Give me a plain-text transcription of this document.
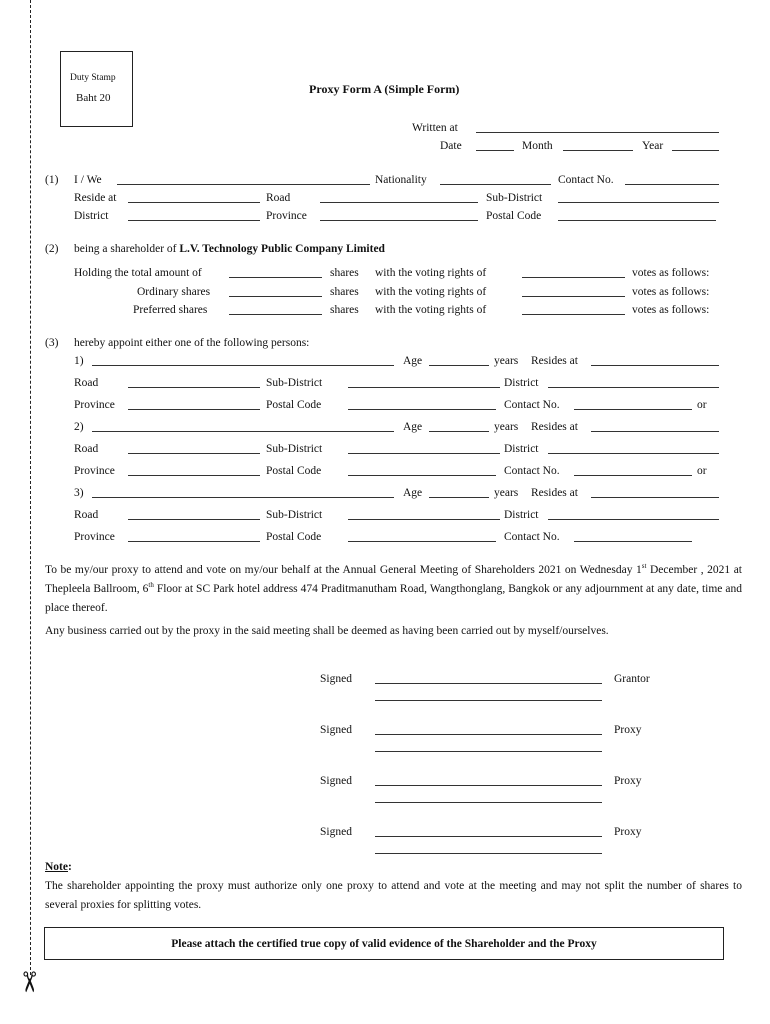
✂
Duty Stamp
Baht 20
Proxy Form A (Simple Form)
Written at
Date	Month	Year
(1) I / We	Nationality	Contact No.
Reside at	Road	Sub-District
District	Province	Postal Code
(2) being a shareholder of L.V. Technology Public Company Limited
Holding the total amount of	shares with the voting rights of	votes as follows:
Ordinary shares	shares with the voting rights of	votes as follows:
Preferred shares	shares with the voting rights of	votes as follows:
(3) hereby appoint either one of the following persons:
1)	Age	years Resides at
Road	Sub-District	District
Province	Postal Code	Contact No.	or
2)	Age	years Resides at
Road	Sub-District	District
Province	Postal Code	Contact No.	or
3)	Age	years Resides at
Road	Sub-District	District
Province	Postal Code	Contact No.
To be my/our proxy to attend and vote on my/our behalf at the Annual General Meeting of Shareholders 2021 on Wednesday 1st December , 2021 at Thepleela Ballroom, 6th Floor at SC Park hotel address 474 Praditmanutham Road, Wangthonglang, Bangkok or any adjournment at any date, time and place thereof.
Any business carried out by the proxy in the said meeting shall be deemed as having been carried out by myself/ourselves.
Signed	Grantor
Signed	Proxy
Signed	Proxy
Signed	Proxy
Note:
The shareholder appointing the proxy must authorize only one proxy to attend and vote at the meeting and may not split the number of shares to several proxies for splitting votes.
Please attach the certified true copy of valid evidence of the Shareholder and the Proxy
